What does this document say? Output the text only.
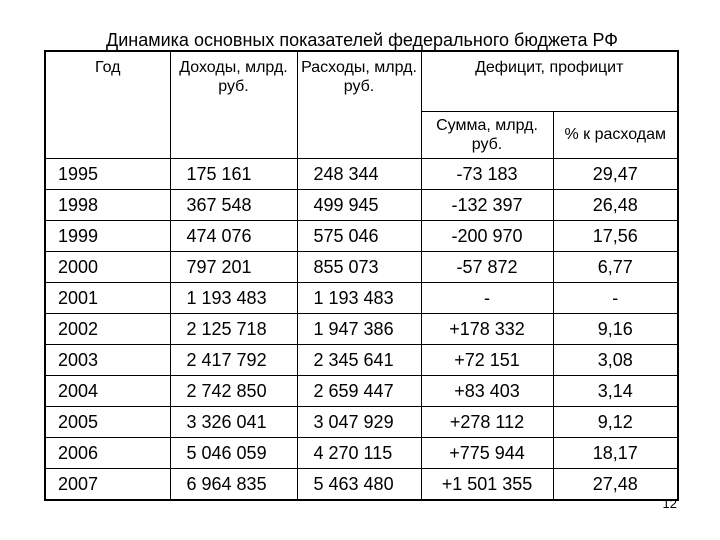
Динамика основных показателей федерального бюджета РФ
Год	Доходы, млрд. руб.	Расходы, млрд. руб.	Дефицит, профицит	
			Сумма, млрд. руб.	% к расходам
1995	175 161	248 344	-73 183	29,47
1998	367 548	499 945	-132 397	26,48
1999	474 076	575 046	-200 970	17,56
2000	797 201	855 073	-57 872	6,77
2001	1 193 483	1 193 483	-	-
2002	2 125 718	1 947 386	+178 332	9,16
2003	2 417 792	2 345 641	+72 151	3,08
2004	2 742 850	2 659 447	+83 403	3,14
2005	3 326 041	3 047 929	+278 112	9,12
2006	5 046 059	4 270 115	+775 944	18,17
2007	6 964 835	5 463 480	+1 501 355	27,48
12
